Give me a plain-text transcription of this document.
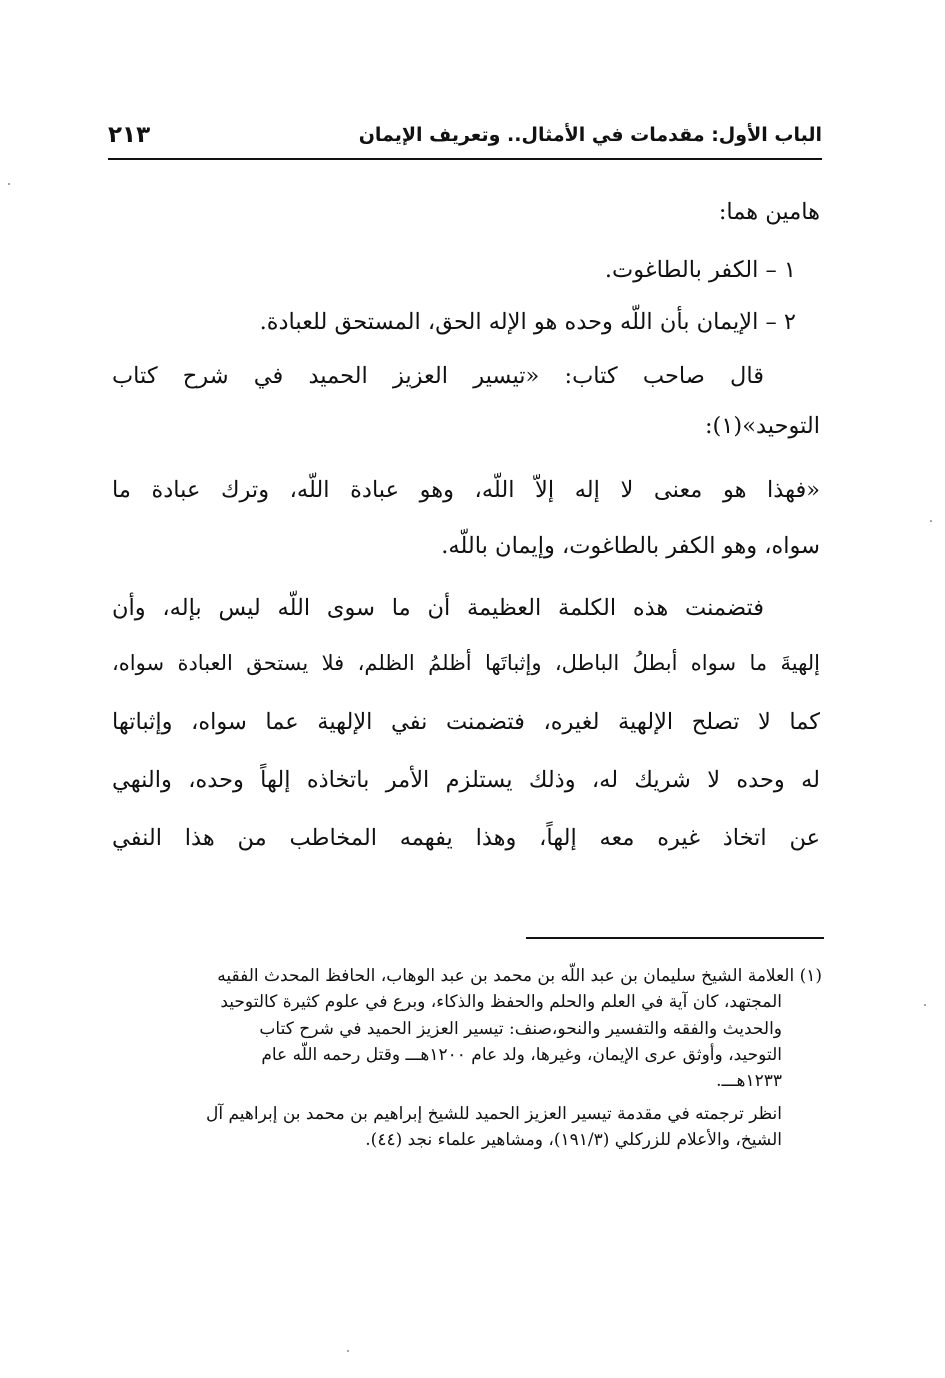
الباب الأول: مقدمات في الأمثال.. وتعريف الإيمان
٢١٣
هامين هما:
١ – الكفر بالطاغوت.
٢ – الإيمان بأن اللّه وحده هو الإله الحق، المستحق للعبادة.
قال صاحب كتاب: «تيسير العزيز الحميد في شرح كتاب
التوحيد»(١):
«فهذا هو معنى لا إله إلاّ اللّه، وهو عبادة اللّه، وترك عبادة ما
سواه، وهو الكفر بالطاغوت، وإيمان باللّه.
فتضمنت هذه الكلمة العظيمة أن ما سوى اللّه ليس بإله، وأن
إلهيةَ ما سواه أبطلُ الباطل، وإثباتَها أظلمُ الظلم، فلا يستحق العبادة سواه،
كما لا تصلح الإلهية لغيره، فتضمنت نفي الإلهية عما سواه، وإثباتها
له وحده لا شريك له، وذلك يستلزم الأمر باتخاذه إلهاً وحده، والنهي
عن اتخاذ غيره معه إلهاً، وهذا يفهمه المخاطب من هذا النفي
(١) العلامة الشيخ سليمان بن عبد اللّه بن محمد بن عبد الوهاب، الحافظ المحدث الفقيه
المجتهد، كان آية في العلم والحلم والحفظ والذكاء، وبرع في علوم كثيرة كالتوحيد
والحديث والفقه والتفسير والنحو،صنف: تيسير العزيز الحميد في شرح كتاب
التوحيد، وأوثق عرى الإيمان، وغيرها، ولد عام ١٢٠٠هـــ وقتل رحمه اللّه عام
١٢٣٣هـــ.
انظر ترجمته في مقدمة تيسير العزيز الحميد للشيخ إبراهيم بن محمد بن إبراهيم آل
الشيخ، والأعلام للزركلي (١٩١/٣)، ومشاهير علماء نجد (٤٤).
